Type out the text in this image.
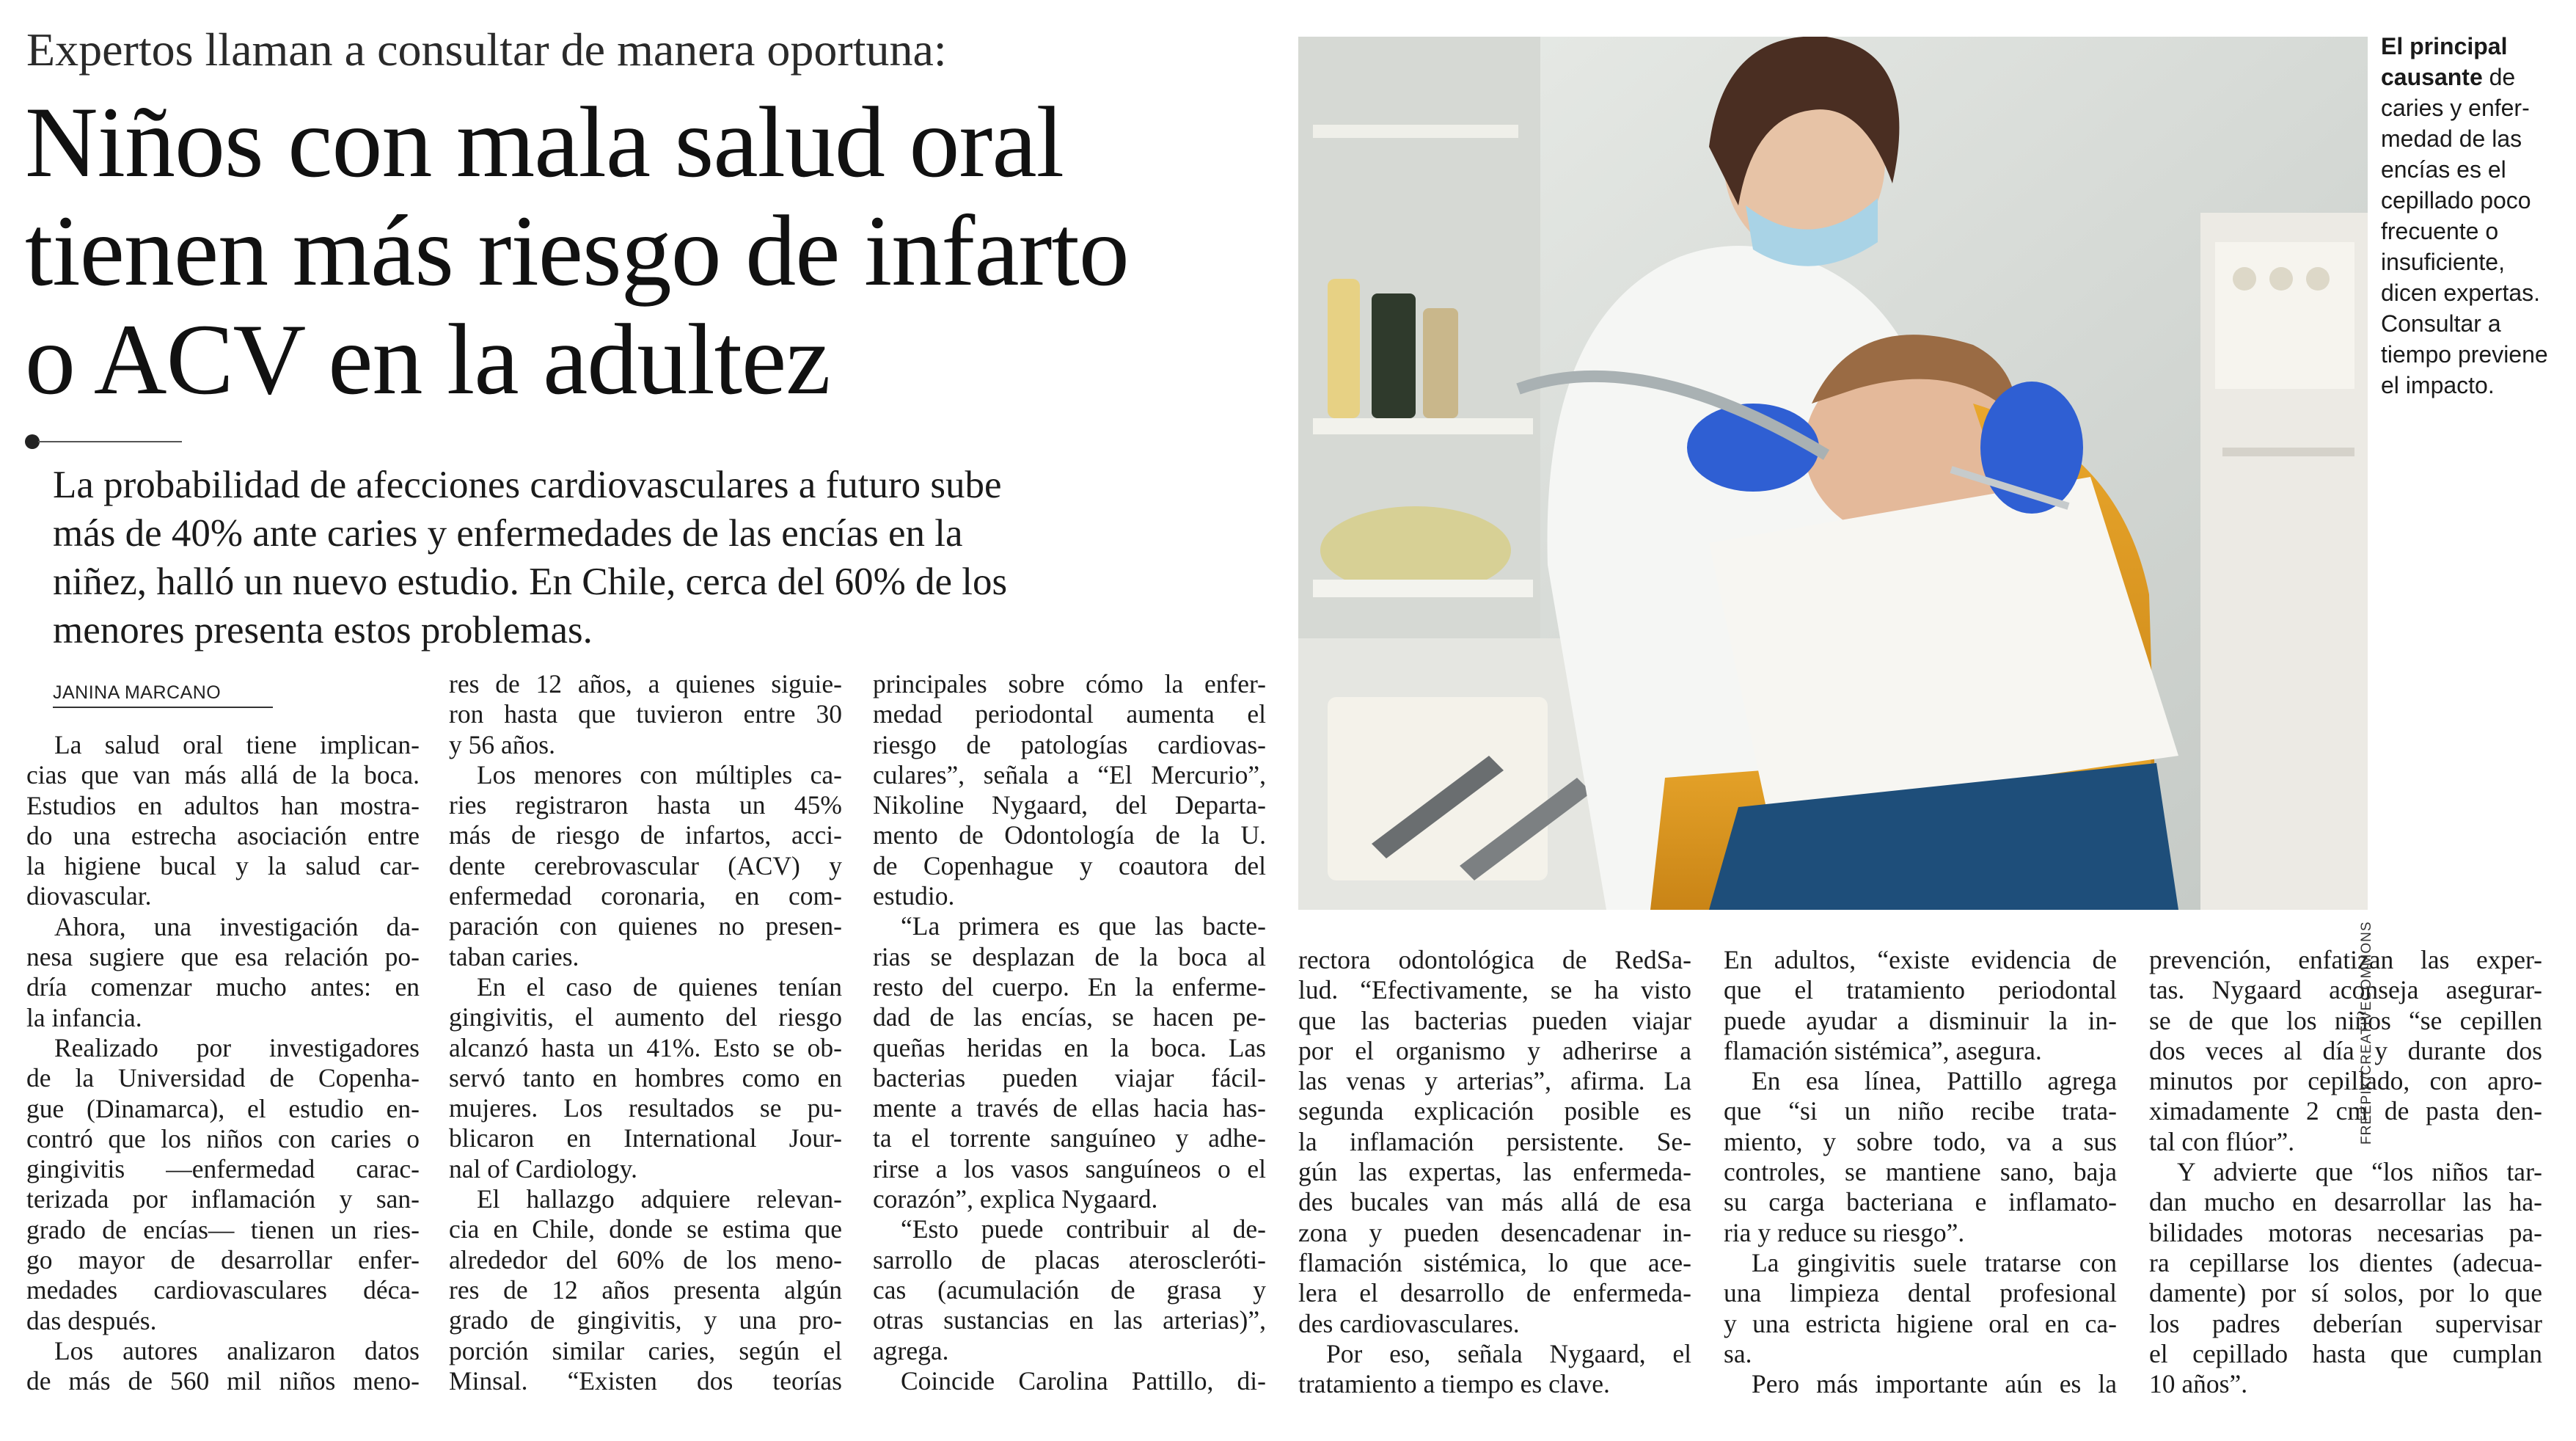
Expertos llaman a consultar de manera oportuna:
Niños con mala salud oral
tienen más riesgo de infarto
o ACV en la adultez
La probabilidad de afecciones cardiovasculares a futuro sube
más de 40% ante caries y enfermedades de las encías en la
niñez, halló un nuevo estudio. En Chile, cerca del 60% de los
menores presenta estos problemas.
JANINA MARCANO
La salud oral tiene implican-
cias que van más allá de la boca.
Estudios en adultos han mostra-
do una estrecha asociación entre
la higiene bucal y la salud car-
diovascular.
Ahora, una investigación da-
nesa sugiere que esa relación po-
dría comenzar mucho antes: en
la infancia.
Realizado por investigadores
de la Universidad de Copenha-
gue (Dinamarca), el estudio en-
contró que los niños con caries o
gingivitis —enfermedad carac-
terizada por inflamación y san-
grado de encías— tienen un ries-
go mayor de desarrollar enfer-
medades cardiovasculares déca-
das después.
Los autores analizaron datos
de más de 560 mil niños meno-
res de 12 años, a quienes siguie-
ron hasta que tuvieron entre 30
y 56 años.
Los menores con múltiples ca-
ries registraron hasta un 45%
más de riesgo de infartos, acci-
dente cerebrovascular (ACV) y
enfermedad coronaria, en com-
paración con quienes no presen-
taban caries.
En el caso de quienes tenían
gingivitis, el aumento del riesgo
alcanzó hasta un 41%. Esto se ob-
servó tanto en hombres como en
mujeres. Los resultados se pu-
blicaron en International Jour-
nal of Cardiology.
El hallazgo adquiere relevan-
cia en Chile, donde se estima que
alrededor del 60% de los meno-
res de 12 años presenta algún
grado de gingivitis, y una pro-
porción similar caries, según el
Minsal. “Existen dos teorías
principales sobre cómo la enfer-
medad periodontal aumenta el
riesgo de patologías cardiovas-
culares”, señala a “El Mercurio”,
Nikoline Nygaard, del Departa-
mento de Odontología de la U.
de Copenhague y coautora del
estudio.
“La primera es que las bacte-
rias se desplazan de la boca al
resto del cuerpo. En la enferme-
dad de las encías, se hacen pe-
queñas heridas en la boca. Las
bacterias pueden viajar fácil-
mente a través de ellas hacia has-
ta el torrente sanguíneo y adhe-
rirse a los vasos sanguíneos o el
corazón”, explica Nygaard.
“Esto puede contribuir al de-
sarrollo de placas ateroscleróti-
cas (acumulación de grasa y
otras sustancias en las arterias)”,
agrega.
Coincide Carolina Pattillo, di-
rectora odontológica de RedSa-
lud. “Efectivamente, se ha visto
que las bacterias pueden viajar
por el organismo y adherirse a
las venas y arterias”, afirma. La
segunda explicación posible es
la inflamación persistente. Se-
gún las expertas, las enfermeda-
des bucales van más allá de esa
zona y pueden desencadenar in-
flamación sistémica, lo que ace-
lera el desarrollo de enfermeda-
des cardiovasculares.
Por eso, señala Nygaard, el
tratamiento a tiempo es clave.
En adultos, “existe evidencia de
que el tratamiento periodontal
puede ayudar a disminuir la in-
flamación sistémica”, asegura.
En esa línea, Pattillo agrega
que “si un niño recibe trata-
miento, y sobre todo, va a sus
controles, se mantiene sano, baja
su carga bacteriana e inflamato-
ria y reduce su riesgo”.
La gingivitis suele tratarse con
una limpieza dental profesional
y una estricta higiene oral en ca-
sa.
Pero más importante aún es la
prevención, enfatizan las exper-
tas. Nygaard aconseja asegurar-
se de que los niños “se cepillen
dos veces al día y durante dos
minutos por cepillado, con apro-
ximadamente 2 cm de pasta den-
tal con flúor”.
Y advierte que “los niños tar-
dan mucho en desarrollar las ha-
bilidades motoras necesarias pa-
ra cepillarse los dientes (adecua-
damente) por sí solos, por lo que
los padres deberían supervisar
el cepillado hasta que cumplan
10 años”.
El principal
causante de
caries y enfer-
medad de las
encías es el
cepillado poco
frecuente o
insuficiente,
dicen expertas.
Consultar a
tiempo previene
el impacto.
FREEPIK/CREATIVECOMMONS
